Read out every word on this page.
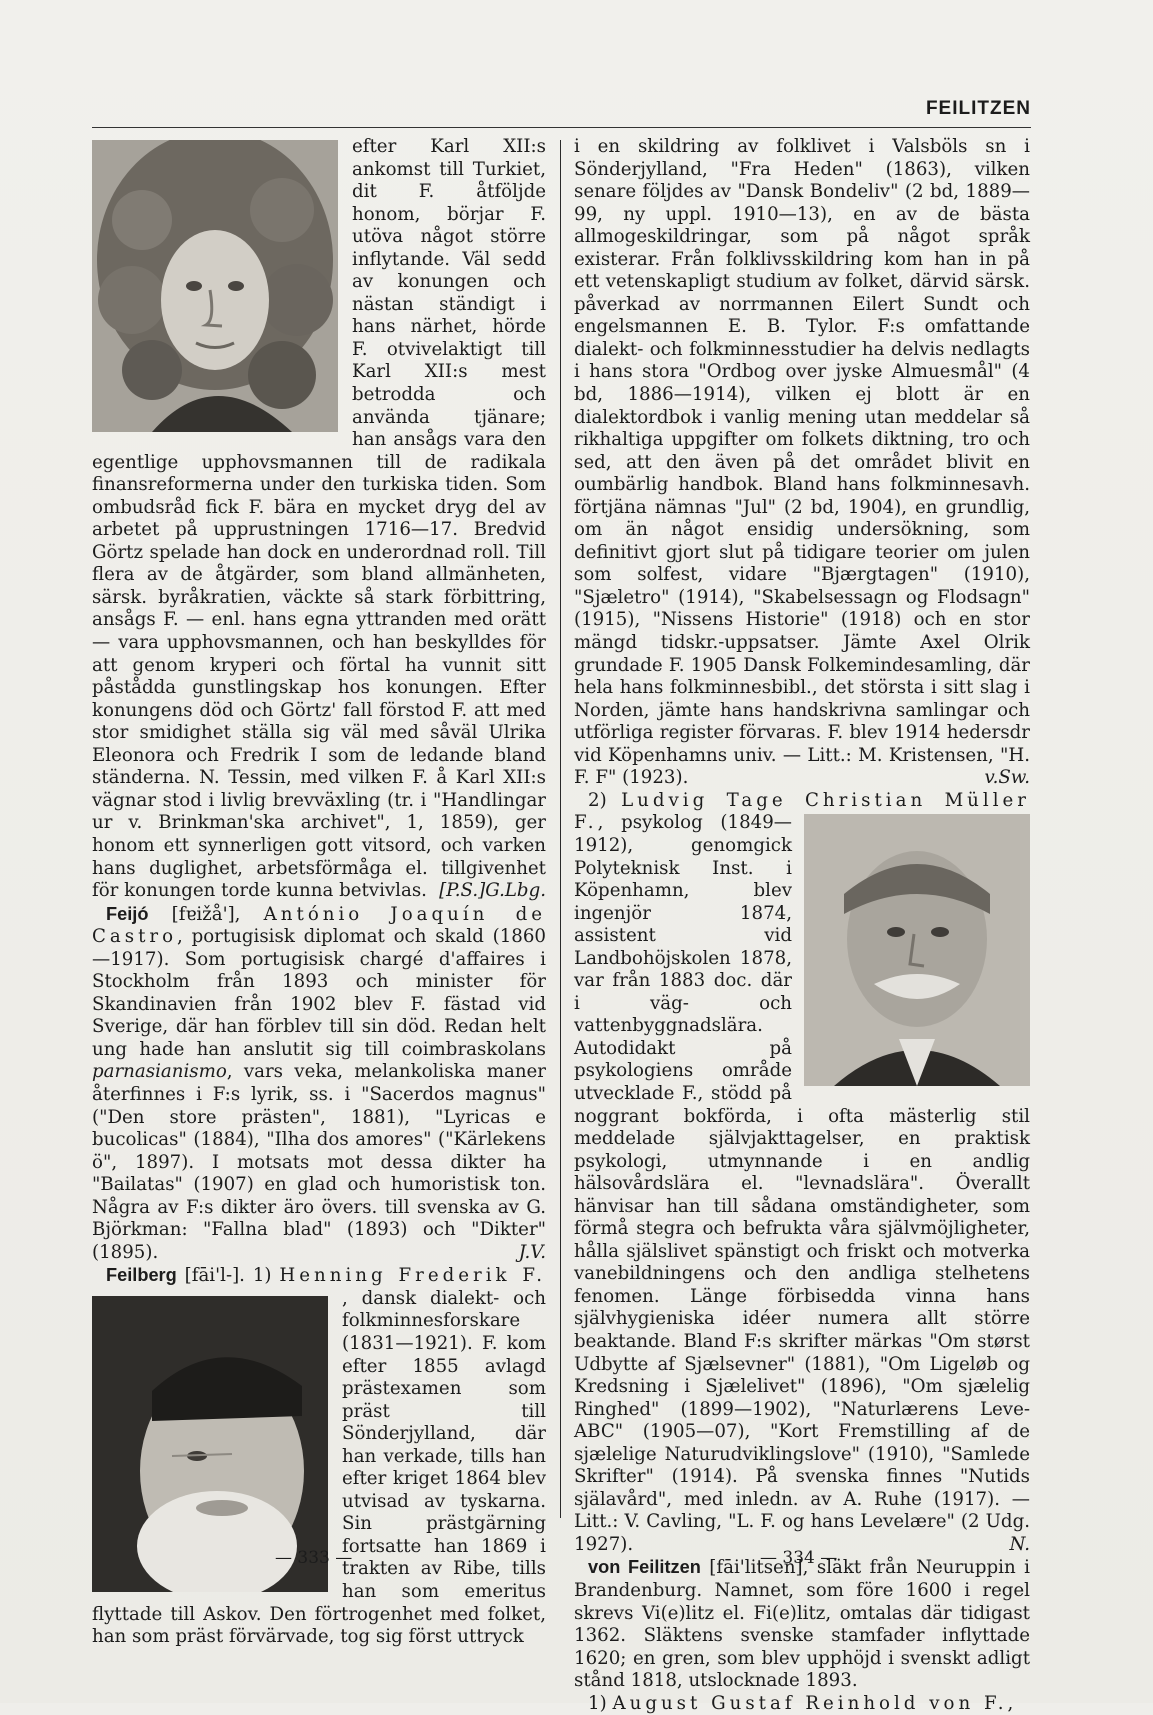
FEILITZEN

efter Karl XII:s ankomst till Turkiet, dit F. åtföljde honom, börjar F. utöva något större inflytande. Väl sedd av konungen och nästan ständigt i hans närhet, hörde F. otvivelaktigt till Karl XII:s mest betrodda och använda tjänare; han ansågs vara den egentlige upphovsmannen till de radikala finansreformerna under den turkiska tiden. Som ombudsråd fick F. bära en mycket dryg del av arbetet på upprustningen 1716—17. Bredvid Görtz spelade han dock en underordnad roll. Till flera av de åtgärder, som bland allmänheten, särsk. byråkratien, väckte så stark förbittring, ansågs F. — enl. hans egna yttranden med orätt — vara upphovsmannen, och han beskylldes för att genom kryperi och förtal ha vunnit sitt påstådda gunstlingskap hos konungen. Efter konungens död och Görtz' fall förstod F. att med stor smidighet ställa sig väl med såväl Ulrika Eleonora och Fredrik I som de ledande bland ständerna. N. Tessin, med vilken F. å Karl XII:s vägnar stod i livlig brevväxling (tr. i "Handlingar ur v. Brinkman'ska archivet", 1, 1859), ger honom ett synnerligen gott vitsord, och varken hans duglighet, arbetsförmåga el. tillgivenhet för konungen torde kunna betvivlas. [P.S.]G.Lbg.

Feijó [fɐižå'], António Joaquín de Castro, portugisisk diplomat och skald (1860—1917). Som portugisisk chargé d'affaires i Stockholm från 1893 och minister för Skandinavien från 1902 blev F. fästad vid Sverige, där han förblev till sin död. Redan helt ung hade han anslutit sig till coimbraskolans parnasianismo, vars veka, melankoliska maner återfinnes i F:s lyrik, ss. i "Sacerdos magnus" ("Den store prästen", 1881), "Lyricas e bucolicas" (1884), "Ilha dos amores" ("Kärlekens ö", 1897). I motsats mot dessa dikter ha "Bailatas" (1907) en glad och humoristisk ton. Några av F:s dikter äro övers. till svenska av G. Björkman: "Fallna blad" (1893) och "Dikter" (1895).	J.V.

Feilberg [fāi'l-]. 1) Henning Frederik F.
, dansk dialekt- och folkminnesforskare (1831—1921). F. kom efter 1855 avlagd prästexamen som präst till Sönderjylland, där han verkade, tills han efter kriget 1864 blev utvisad av tyskarna. Sin prästgärning fortsatte han 1869 i trakten av Ribe, tills han som emeritus flyttade till Askov. Den förtrogenhet med folket, han som präst förvärvade, tog sig först uttryck

i en skildring av folklivet i Valsböls sn i Sönderjylland, "Fra Heden" (1863), vilken senare följdes av "Dansk Bondeliv" (2 bd, 1889—99, ny uppl. 1910—13), en av de bästa allmogeskildringar, som på något språk existerar. Från folklivsskildring kom han in på ett vetenskapligt studium av folket, därvid särsk. påverkad av norrmannen Eilert Sundt och engelsmannen E. B. Tylor. F:s omfattande dialekt- och folkminnesstudier ha delvis nedlagts i hans stora "Ordbog over jyske Almuesmål" (4 bd, 1886—1914), vilken ej blott är en dialektordbok i vanlig mening utan meddelar så rikhaltiga uppgifter om folkets diktning, tro och sed, att den även på det området blivit en oumbärlig handbok. Bland hans folkminnesavh. förtjäna nämnas "Jul" (2 bd, 1904), en grundlig, om än något ensidig undersökning, som definitivt gjort slut på tidigare teorier om julen som solfest, vidare "Bjærgtagen" (1910), "Sjæletro" (1914), "Skabelsessagn og Flodsagn" (1915), "Nissens Historie" (1918) och en stor mängd tidskr.-uppsatser. Jämte Axel Olrik grundade F. 1905 Dansk Folkemindesamling, där hela hans folkminnesbibl., det största i sitt slag i Norden, jämte hans handskrivna samlingar och utförliga register förvaras. F. blev 1914 hedersdr vid Köpenhamns univ. — Litt.: M. Kristensen, "H. F. F" (1923).	v.Sw.

2) Ludvig Tage Christian Müller F.
, psykolog (1849—1912), genomgick Polyteknisk Inst. i Köpenhamn, blev ingenjör 1874, assistent vid Landbohöjskolen 1878, var från 1883 doc. där i väg- och vattenbyggnadslära. Autodidakt på psykologiens område utvecklade F., stödd på noggrant bokförda, i ofta mästerlig stil meddelade självjakttagelser, en praktisk psykologi, utmynnande i en andlig hälsovårdslära el. "levnadslära". Överallt hänvisar han till sådana omständigheter, som förmå stegra och befrukta våra självmöjligheter, hålla själslivet spänstigt och friskt och motverka vanebildningens och den andliga stelhetens fenomen. Länge förbisedda vinna hans självhygieniska idéer numera allt större beaktande. Bland F:s skrifter märkas "Om størst Udbytte af Sjælsevner" (1881), "Om Ligeløb og Kredsning i Sjælelivet" (1896), "Om sjælelig Ringhed" (1899—1902), "Naturlærens Leve-ABC" (1905—07), "Kort Fremstilling af de sjælelige Naturudviklingslove" (1910), "Samlede Skrifter" (1914). På svenska finnes "Nutids själavård", med inledn. av A. Ruhe (1917). — Litt.: V. Cavling, "L. F. og hans Levelære" (2 Udg. 1927).	N.

von Feilitzen [fāi'litsen], släkt från Neuruppin i Brandenburg. Namnet, som före 1600 i regel skrevs Vi(e)litz el. Fi(e)litz, omtalas där tidigast 1362. Släktens svenske stamfader inflyttade 1620; en gren, som blev upphöjd i svenskt adligt stånd 1818, utslocknade 1893.

1) August Gustaf Reinhold von F.,

— 333 —	— 334 —
